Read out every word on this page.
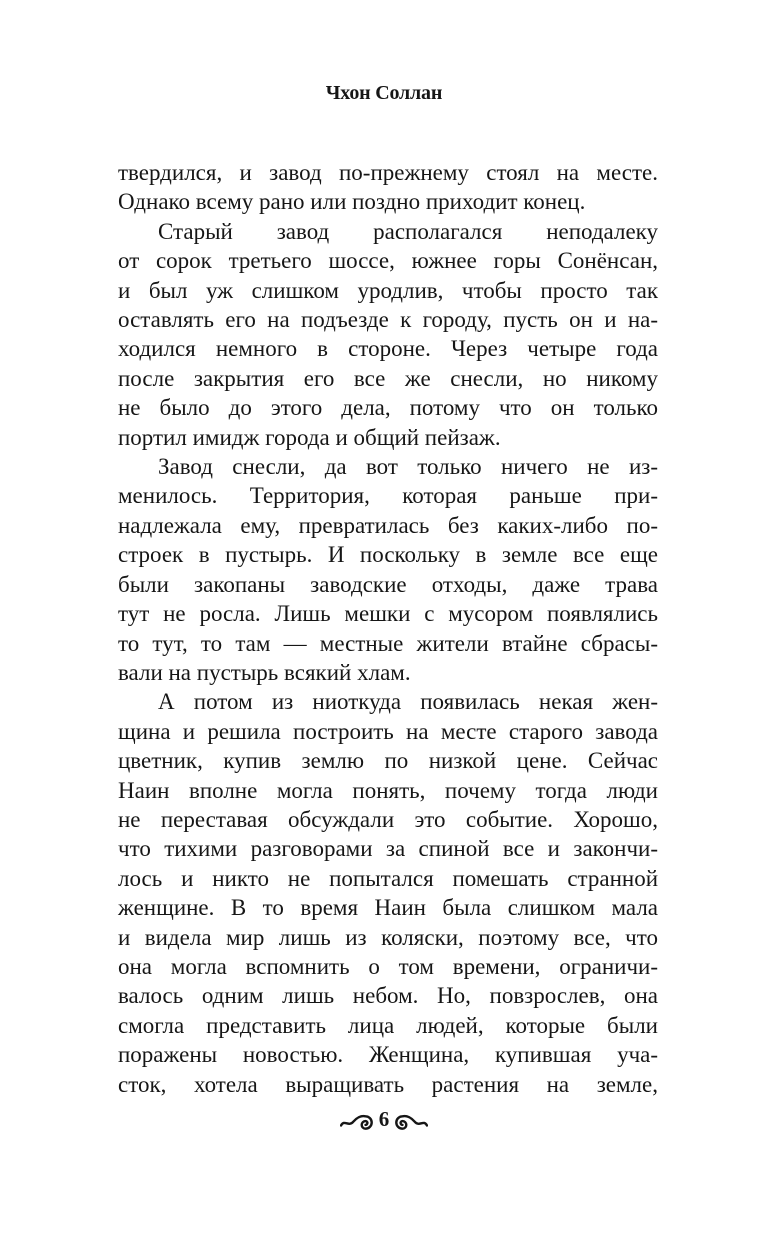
Чхон Соллан
твердился, и завод по-прежнему стоял на месте.
Однако всему рано или поздно приходит конец.
Старый завод располагался неподалеку
от сорок третьего шоссе, южнее горы Сонёнсан,
и был уж слишком уродлив, чтобы просто так
оставлять его на подъезде к городу, пусть он и на-
ходился немного в стороне. Через четыре года
после закрытия его все же снесли, но никому
не было до этого дела, потому что он только
портил имидж города и общий пейзаж.
Завод снесли, да вот только ничего не из-
менилось. Территория, которая раньше при-
надлежала ему, превратилась без каких-либо по-
строек в пустырь. И поскольку в земле все еще
были закопаны заводские отходы, даже трава
тут не росла. Лишь мешки с мусором появлялись
то тут, то там — местные жители втайне сбрасы-
вали на пустырь всякий хлам.
А потом из ниоткуда появилась некая жен-
щина и решила построить на месте старого завода
цветник, купив землю по низкой цене. Сейчас
Наин вполне могла понять, почему тогда люди
не переставая обсуждали это событие. Хорошо,
что тихими разговорами за спиной все и закончи-
лось и никто не попытался помешать странной
женщине. В то время Наин была слишком мала
и видела мир лишь из коляски, поэтому все, что
она могла вспомнить о том времени, ограничи-
валось одним лишь небом. Но, повзрослев, она
смогла представить лица людей, которые были
поражены новостью. Женщина, купившая уча-
сток, хотела выращивать растения на земле,
6
